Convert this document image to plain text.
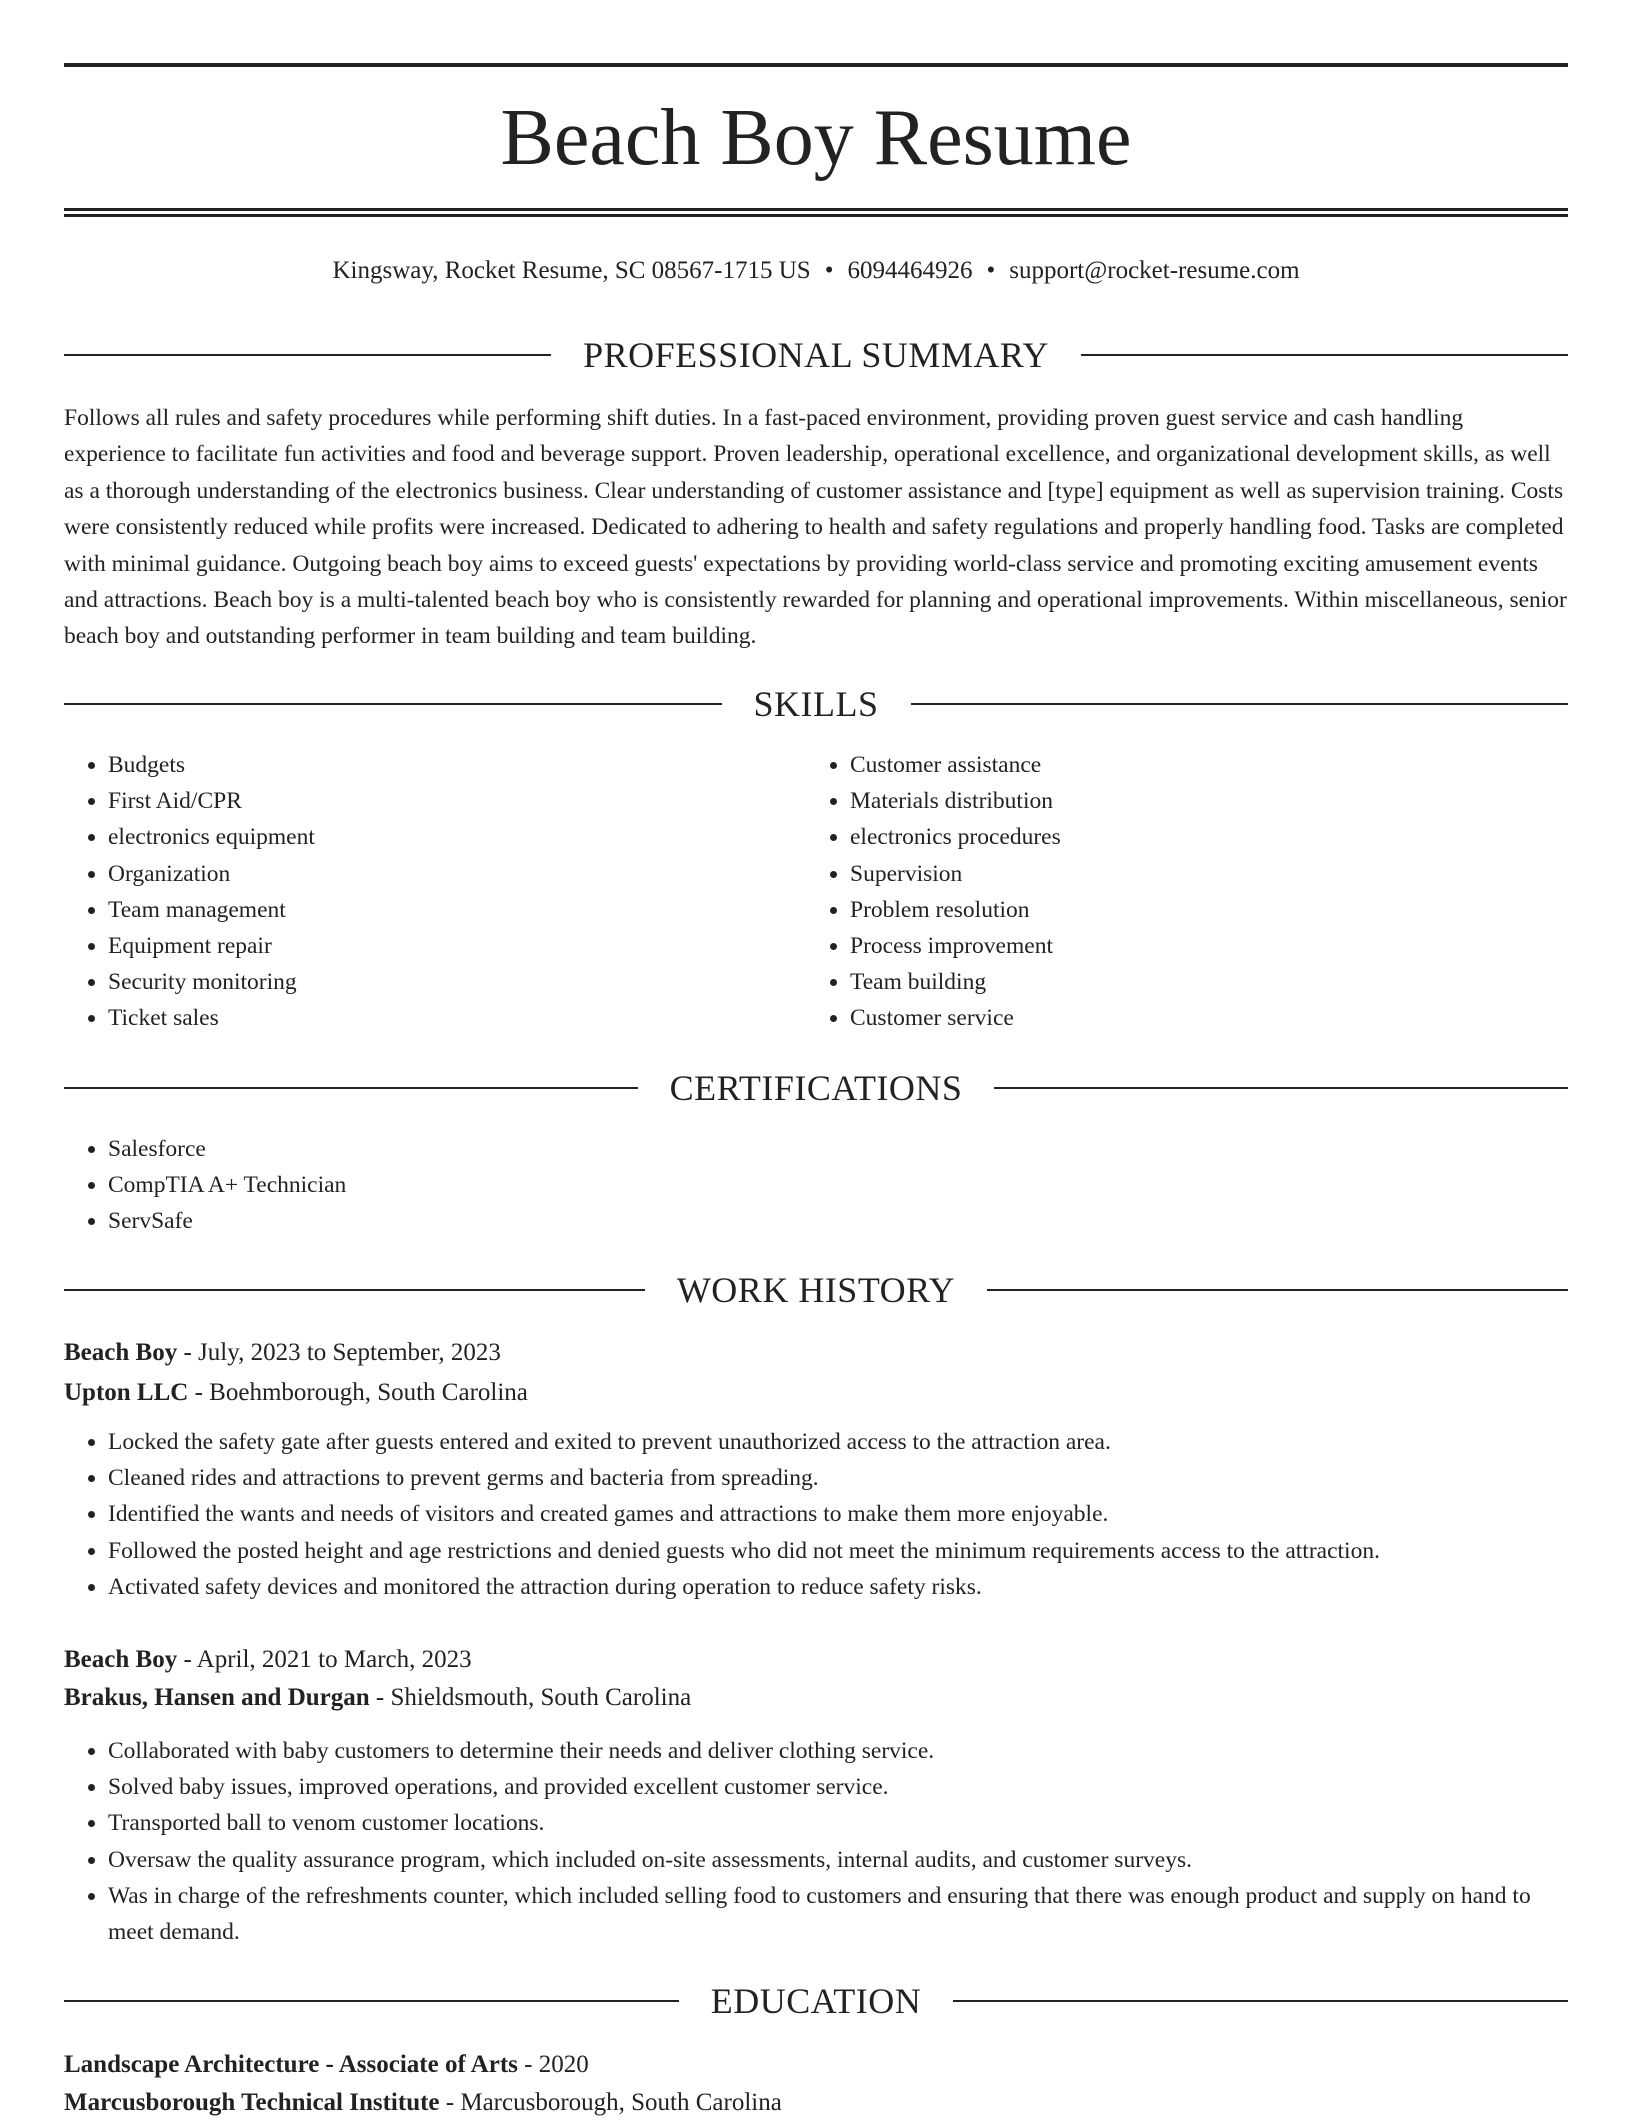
Beach Boy Resume
Kingsway, Rocket Resume, SC 08567-1715 US • 6094464926 • support@rocket-resume.com
PROFESSIONAL SUMMARY

Follows all rules and safety procedures while performing shift duties. In a fast-paced environment, providing proven guest service and cash handling experience to facilitate fun activities and food and beverage support. Proven leadership, operational excellence, and organizational development skills, as well as a thorough understanding of the electronics business. Clear understanding of customer assistance and [type] equipment as well as supervision training. Costs were consistently reduced while profits were increased. Dedicated to adhering to health and safety regulations and properly handling food. Tasks are completed with minimal guidance. Outgoing beach boy aims to exceed guests' expectations by providing world-class service and promoting exciting amusement events and attractions. Beach boy is a multi-talented beach boy who is consistently rewarded for planning and operational improvements. Within miscellaneous, senior beach boy and outstanding performer in team building and team building.

SKILLS
• Budgets
• First Aid/CPR
• electronics equipment
• Organization
• Team management
• Equipment repair
• Security monitoring
• Ticket sales
• Customer assistance
• Materials distribution
• electronics procedures
• Supervision
• Problem resolution
• Process improvement
• Team building
• Customer service
CERTIFICATIONS
• Salesforce
• CompTIA A+ Technician
• ServSafe
WORK HISTORY

Beach Boy - July, 2023 to September, 2023

Upton LLC - Boehmborough, South Carolina

• Locked the safety gate after guests entered and exited to prevent unauthorized access to the attraction area.
• Cleaned rides and attractions to prevent germs and bacteria from spreading.
• Identified the wants and needs of visitors and created games and attractions to make them more enjoyable.
• Followed the posted height and age restrictions and denied guests who did not meet the minimum requirements access to the attraction.
• Activated safety devices and monitored the attraction during operation to reduce safety risks.

Beach Boy - April, 2021 to March, 2023

Brakus, Hansen and Durgan - Shieldsmouth, South Carolina

• Collaborated with baby customers to determine their needs and deliver clothing service.
• Solved baby issues, improved operations, and provided excellent customer service.
• Transported ball to venom customer locations.
• Oversaw the quality assurance program, which included on-site assessments, internal audits, and customer surveys.
• Was in charge of the refreshments counter, which included selling food to customers and ensuring that there was enough product and supply on hand to meet demand.
EDUCATION

Landscape Architecture - Associate of Arts - 2020

Marcusborough Technical Institute - Marcusborough, South Carolina
